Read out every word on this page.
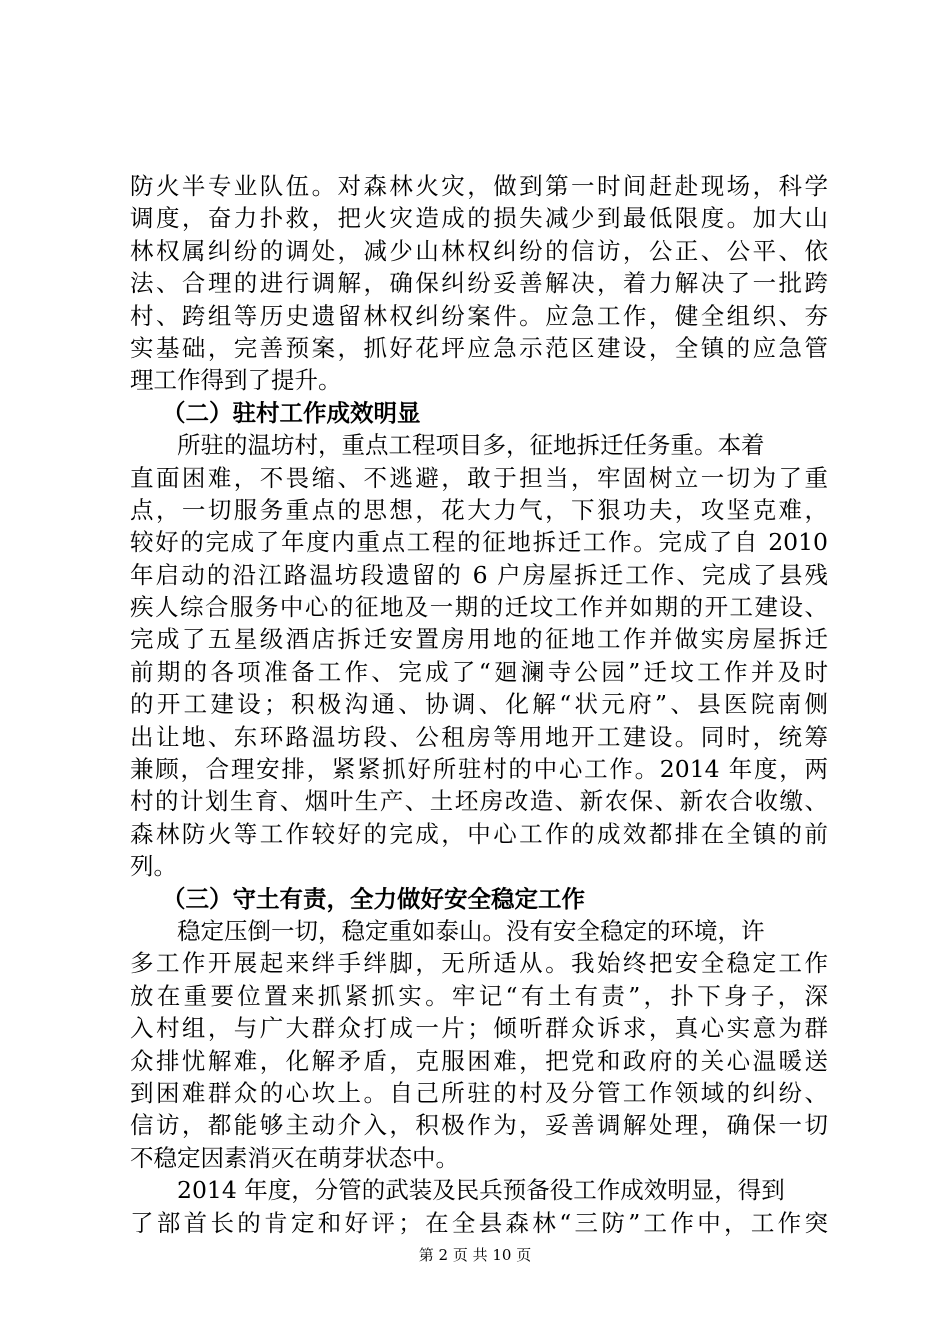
防火半专业队伍。对森林火灾，做到第一时间赶赴现场，科学
调度，奋力扑救，把火灾造成的损失减少到最低限度。加大山
林权属纠纷的调处，减少山林权纠纷的信访，公正、公平、依
法、合理的进行调解，确保纠纷妥善解决，着力解决了一批跨
村、跨组等历史遗留林权纠纷案件。应急工作，健全组织、夯
实基础，完善预案，抓好花坪应急示范区建设，全镇的应急管
理工作得到了提升。
（二）驻村工作成效明显
所驻的温坊村，重点工程项目多，征地拆迁任务重。本着
直面困难，不畏缩、不逃避，敢于担当，牢固树立一切为了重
点，一切服务重点的思想，花大力气，下狠功夫，攻坚克难，
较好的完成了年度内重点工程的征地拆迁工作。完成了自 2010
年启动的沿江路温坊段遗留的 6 户房屋拆迁工作、完成了县残
疾人综合服务中心的征地及一期的迁坟工作并如期的开工建设、
完成了五星级酒店拆迁安置房用地的征地工作并做实房屋拆迁
前期的各项准备工作、完成了“廻澜寺公园”迁坟工作并及时
的开工建设；积极沟通、协调、化解“状元府”、县医院南侧
出让地、东环路温坊段、公租房等用地开工建设。同时，统筹
兼顾，合理安排，紧紧抓好所驻村的中心工作。2014 年度，两
村的计划生育、烟叶生产、土坯房改造、新农保、新农合收缴、
森林防火等工作较好的完成，中心工作的成效都排在全镇的前
列。
（三）守土有责，全力做好安全稳定工作
稳定压倒一切，稳定重如泰山。没有安全稳定的环境，许
多工作开展起来绊手绊脚，无所适从。我始终把安全稳定工作
放在重要位置来抓紧抓实。牢记“有土有责”，扑下身子，深
入村组，与广大群众打成一片；倾听群众诉求，真心实意为群
众排忧解难，化解矛盾，克服困难，把党和政府的关心温暖送
到困难群众的心坎上。自己所驻的村及分管工作领域的纠纷、
信访，都能够主动介入，积极作为，妥善调解处理，确保一切
不稳定因素消灭在萌芽状态中。
2014 年度，分管的武装及民兵预备役工作成效明显，得到
了部首长的肯定和好评；在全县森林“三防”工作中，工作突
第 2 页 共 10 页
